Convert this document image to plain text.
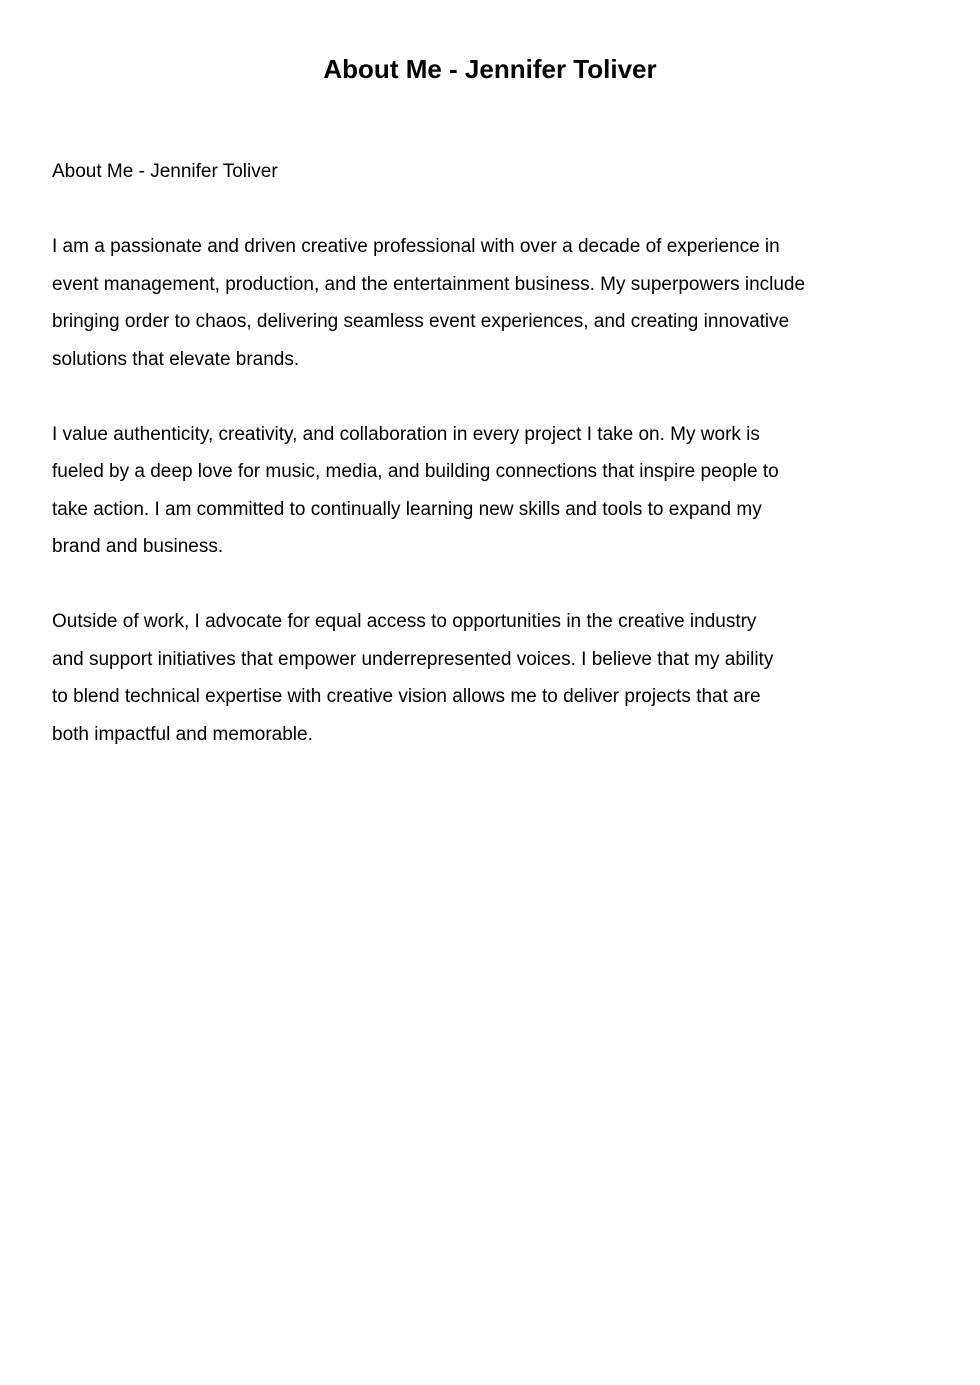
About Me - Jennifer Toliver

About Me - Jennifer Toliver

I am a passionate and driven creative professional with over a decade of experience in
event management, production, and the entertainment business. My superpowers include
bringing order to chaos, delivering seamless event experiences, and creating innovative
solutions that elevate brands.

I value authenticity, creativity, and collaboration in every project I take on. My work is
fueled by a deep love for music, media, and building connections that inspire people to
take action. I am committed to continually learning new skills and tools to expand my
brand and business.

Outside of work, I advocate for equal access to opportunities in the creative industry
and support initiatives that empower underrepresented voices. I believe that my ability
to blend technical expertise with creative vision allows me to deliver projects that are
both impactful and memorable.
